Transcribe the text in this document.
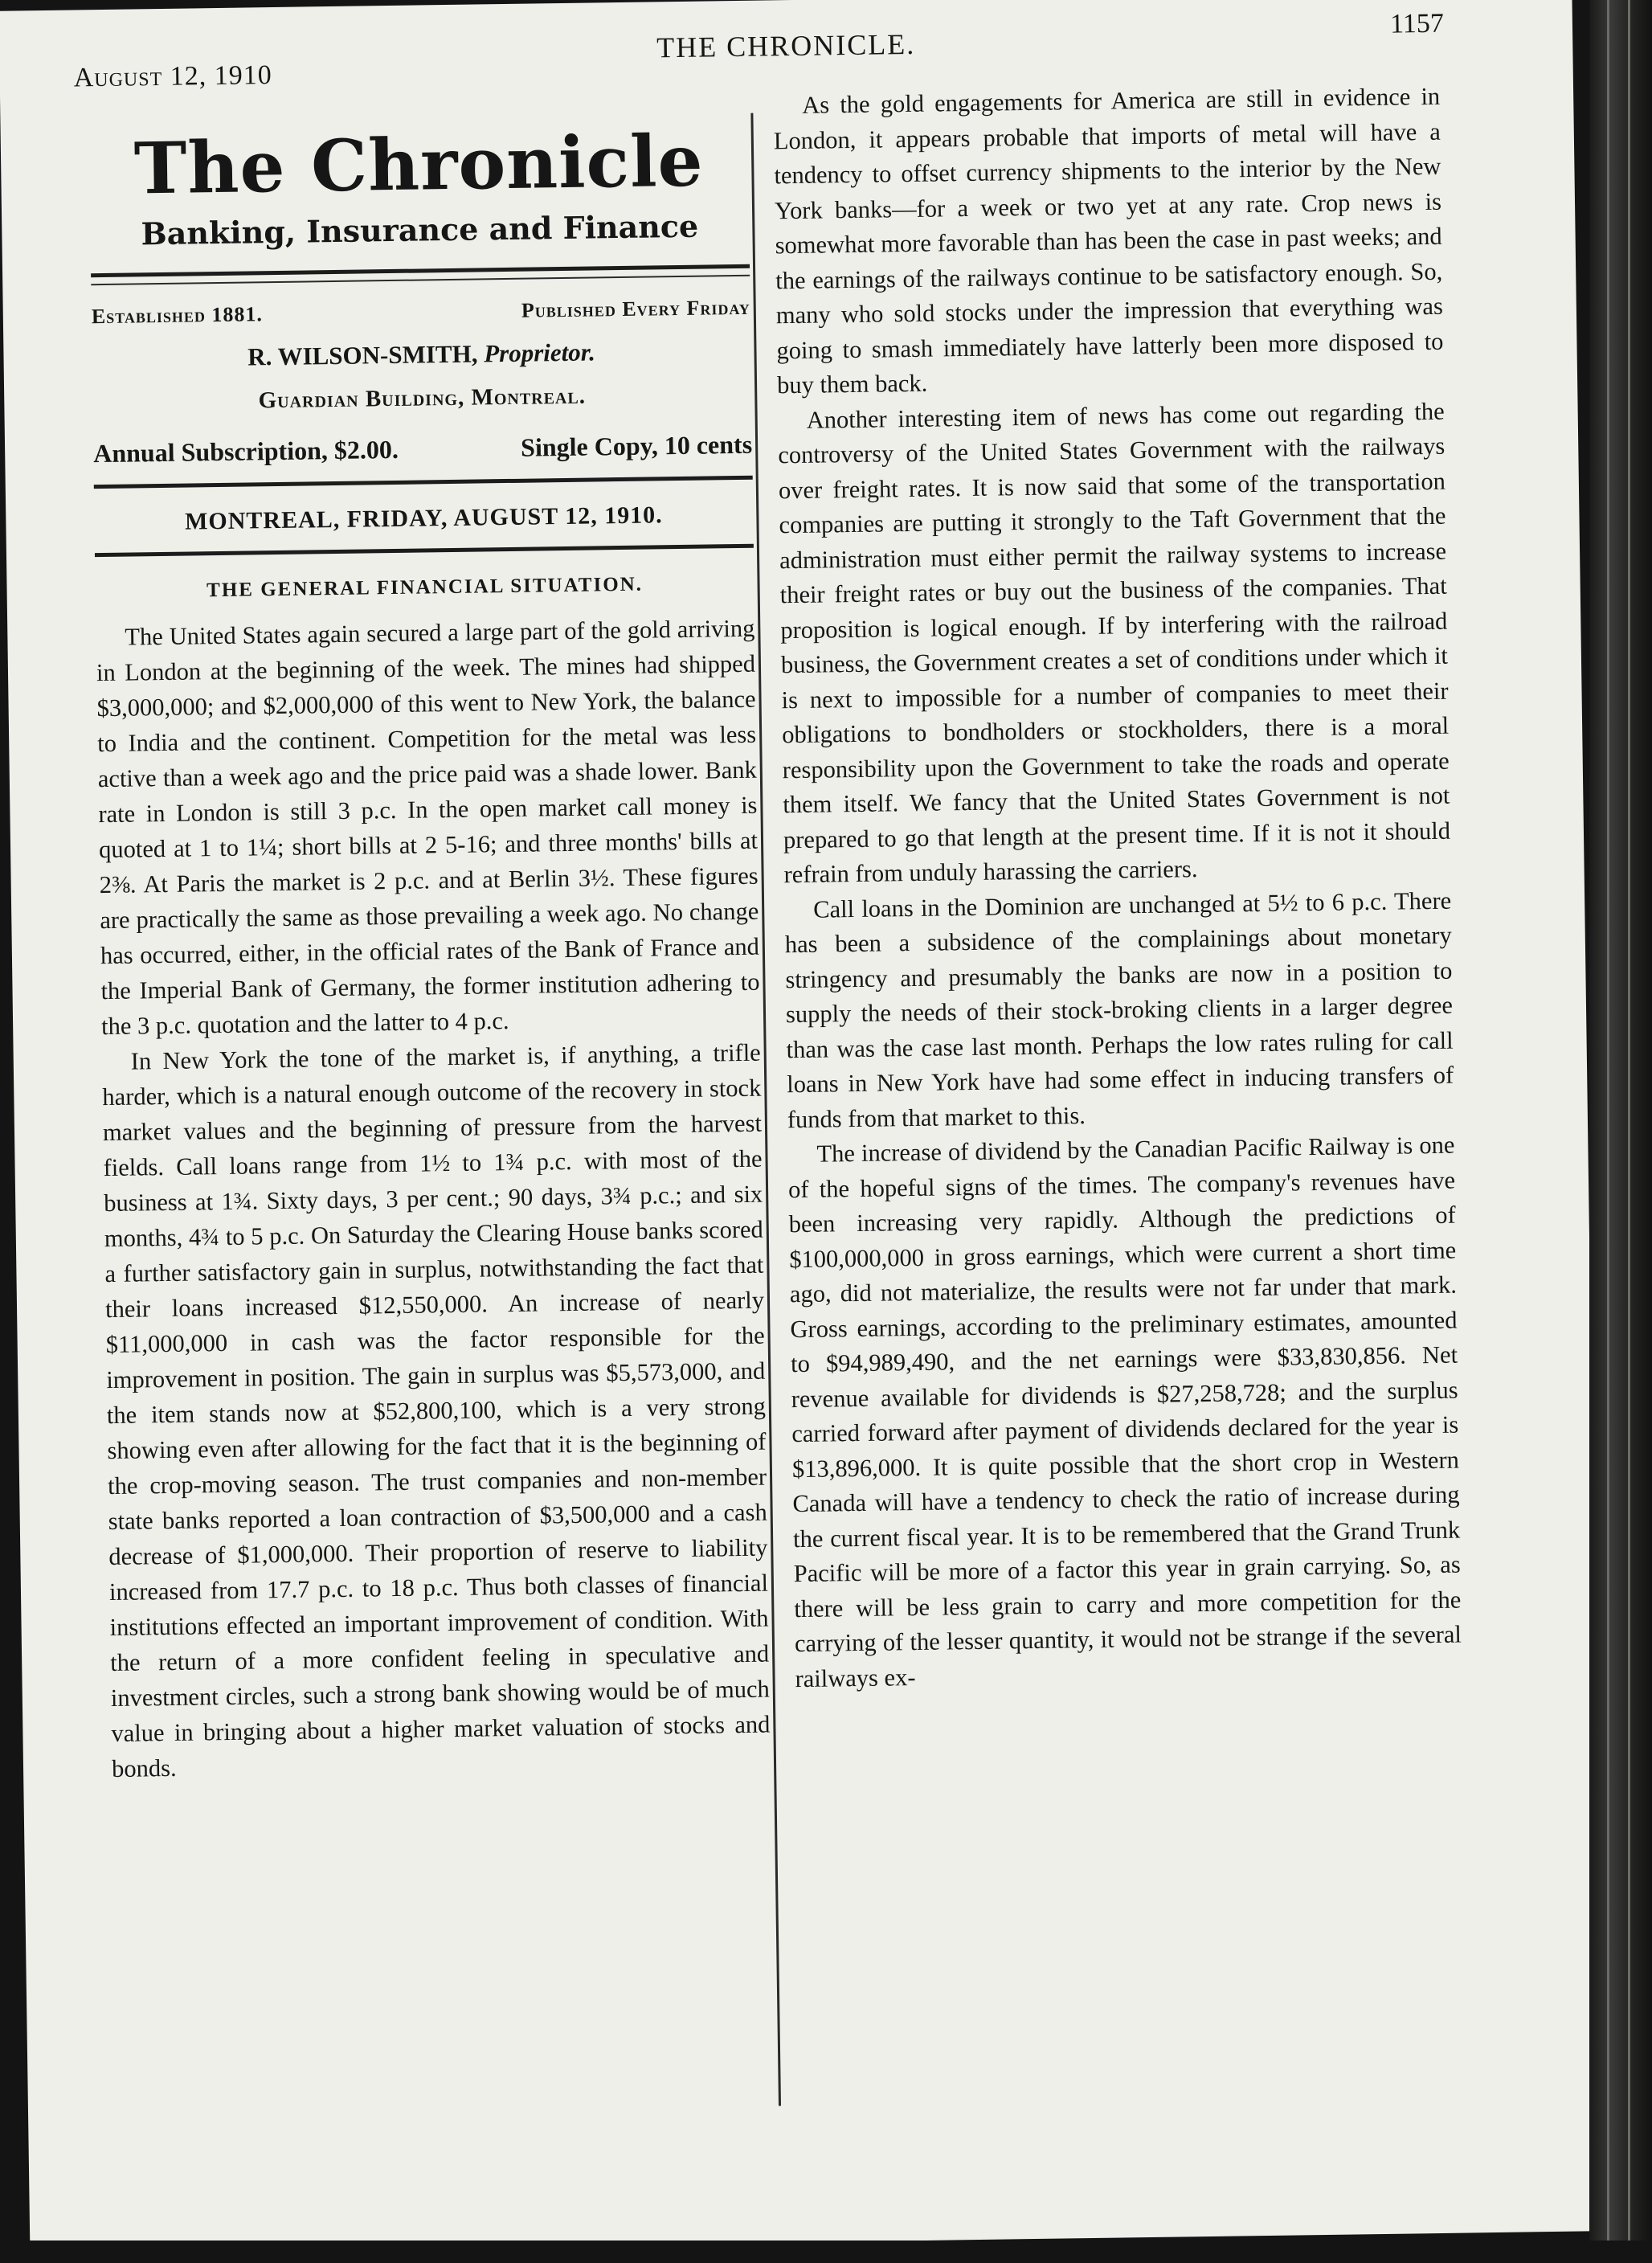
August 12, 1910
THE CHRONICLE.
1157
The Chronicle
Banking, Insurance and Finance
Established 1881.	Published Every Friday
R. WILSON-SMITH, Proprietor.
Guardian Building, Montreal.
Annual Subscription, $2.00.	Single Copy, 10 cents
MONTREAL, FRIDAY, AUGUST 12, 1910.
THE GENERAL FINANCIAL SITUATION.

The United States again secured a large part of the gold arriving in London at the beginning of the week. The mines had shipped $3,000,000; and $2,000,000 of this went to New York, the balance to India and the continent. Competition for the metal was less active than a week ago and the price paid was a shade lower. Bank rate in London is still 3 p.c. In the open market call money is quoted at 1 to 1¼; short bills at 2 5-16; and three months' bills at 2⅜. At Paris the market is 2 p.c. and at Berlin 3½. These figures are practically the same as those prevailing a week ago. No change has occurred, either, in the official rates of the Bank of France and the Imperial Bank of Germany, the former institution adhering to the 3 p.c. quotation and the latter to 4 p.c.

In New York the tone of the market is, if anything, a trifle harder, which is a natural enough outcome of the recovery in stock market values and the beginning of pressure from the harvest fields. Call loans range from 1½ to 1¾ p.c. with most of the business at 1¾. Sixty days, 3 per cent.; 90 days, 3¾ p.c.; and six months, 4¾ to 5 p.c. On Saturday the Clearing House banks scored a further satisfactory gain in surplus, notwithstanding the fact that their loans increased $12,550,000. An increase of nearly $11,000,000 in cash was the factor responsible for the improvement in position. The gain in surplus was $5,573,000, and the item stands now at $52,800,100, which is a very strong showing even after allowing for the fact that it is the beginning of the crop-moving season. The trust companies and non-member state banks reported a loan contraction of $3,500,000 and a cash decrease of $1,000,000. Their proportion of reserve to liability increased from 17.7 p.c. to 18 p.c. Thus both classes of financial institutions effected an important improvement of condition. With the return of a more confident feeling in speculative and investment circles, such a strong bank showing would be of much value in bringing about a higher market valuation of stocks and bonds.

As the gold engagements for America are still in evidence in London, it appears probable that imports of metal will have a tendency to offset currency shipments to the interior by the New York banks—for a week or two yet at any rate. Crop news is somewhat more favorable than has been the case in past weeks; and the earnings of the railways continue to be satisfactory enough. So, many who sold stocks under the impression that everything was going to smash immediately have latterly been more disposed to buy them back.

Another interesting item of news has come out regarding the controversy of the United States Government with the railways over freight rates. It is now said that some of the transportation companies are putting it strongly to the Taft Government that the administration must either permit the railway systems to increase their freight rates or buy out the business of the companies. That proposition is logical enough. If by interfering with the railroad business, the Government creates a set of conditions under which it is next to impossible for a number of companies to meet their obligations to bondholders or stockholders, there is a moral responsibility upon the Government to take the roads and operate them itself. We fancy that the United States Government is not prepared to go that length at the present time. If it is not it should refrain from unduly harassing the carriers.

Call loans in the Dominion are unchanged at 5½ to 6 p.c. There has been a subsidence of the complainings about monetary stringency and presumably the banks are now in a position to supply the needs of their stock-broking clients in a larger degree than was the case last month. Perhaps the low rates ruling for call loans in New York have had some effect in inducing transfers of funds from that market to this.

The increase of dividend by the Canadian Pacific Railway is one of the hopeful signs of the times. The company's revenues have been increasing very rapidly. Although the predictions of $100,000,000 in gross earnings, which were current a short time ago, did not materialize, the results were not far under that mark. Gross earnings, according to the preliminary estimates, amounted to $94,989,490, and the net earnings were $33,830,856. Net revenue available for dividends is $27,258,728; and the surplus carried forward after payment of dividends declared for the year is $13,896,000. It is quite possible that the short crop in Western Canada will have a tendency to check the ratio of increase during the current fiscal year. It is to be remembered that the Grand Trunk Pacific will be more of a factor this year in grain carrying. So, as there will be less grain to carry and more competition for the carrying of the lesser quantity, it would not be strange if the several railways ex-
